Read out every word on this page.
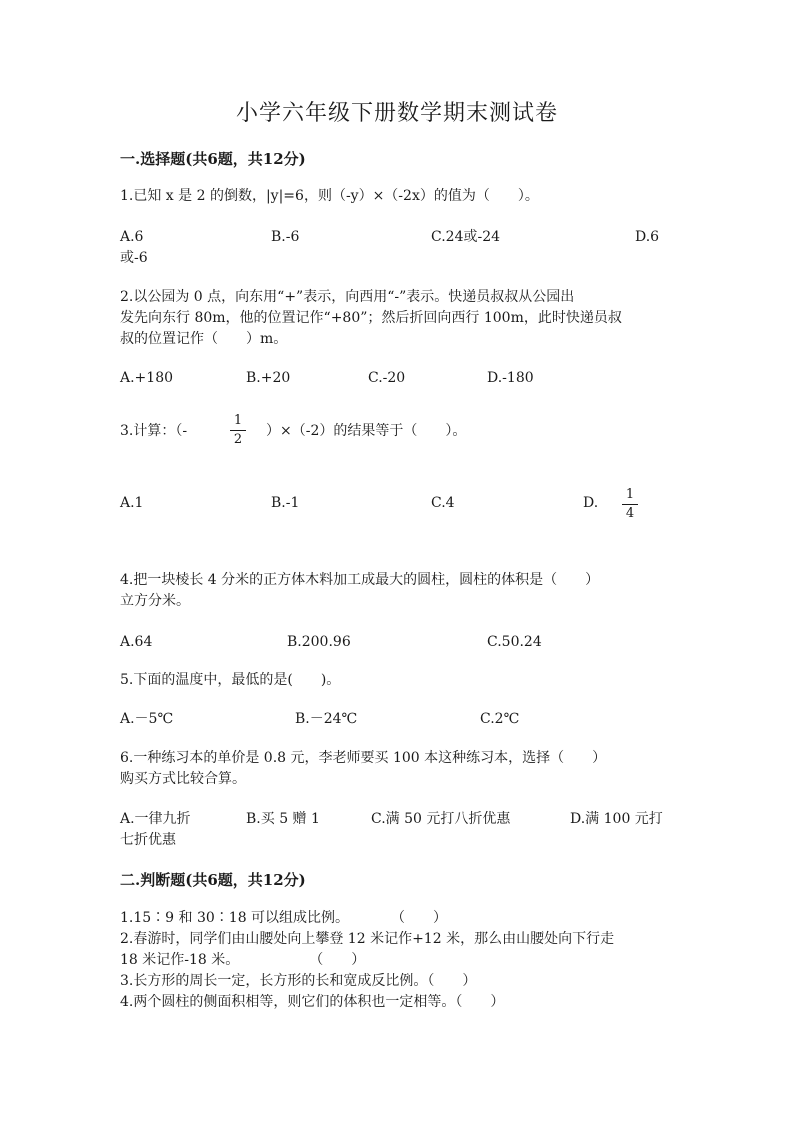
小学六年级下册数学期末测试卷
一.选择题(共6题，共12分)
1.已知 x 是 2 的倒数，|y|=6，则（-y）×（-2x）的值为（　　）。
A.6	B.-6	C.24或-24	D.6
或-6
2.以公园为 0 点，向东用“+”表示，向西用“-”表示。快递员叔叔从公园出
发先向东行 80m，他的位置记作“+80”；然后折回向西行 100m，此时快递员叔
叔的位置记作（　　）m。
A.+180	B.+20	C.-20	D.-180
3.计算：（-
1
2
）×（-2）的结果等于（　　）。
A.1	B.-1	C.4	D.
1
4
4.把一块棱长 4 分米的正方体木料加工成最大的圆柱，圆柱的体积是（　　）
立方分米。
A.64	B.200.96	C.50.24
5.下面的温度中，最低的是(　　)。
A.－5℃	B.－24℃	C.2℃
6.一种练习本的单价是 0.8 元，李老师要买 100 本这种练习本，选择（　　）
购买方式比较合算。
A.一律九折	B.买 5 赠 1	C.满 50 元打八折优惠	D.满 100 元打
七折优惠
二.判断题(共6题，共12分)
1.15∶9 和 30∶18 可以组成比例。　　　　（　　）
2.春游时，同学们由山腰处向上攀登 12 米记作+12 米，那么由山腰处向下行走
18 米记作-18 米。　　　　　　（　　）
3.长方形的周长一定，长方形的长和宽成反比例。（　　）
4.两个圆柱的侧面积相等，则它们的体积也一定相等。（　　）
